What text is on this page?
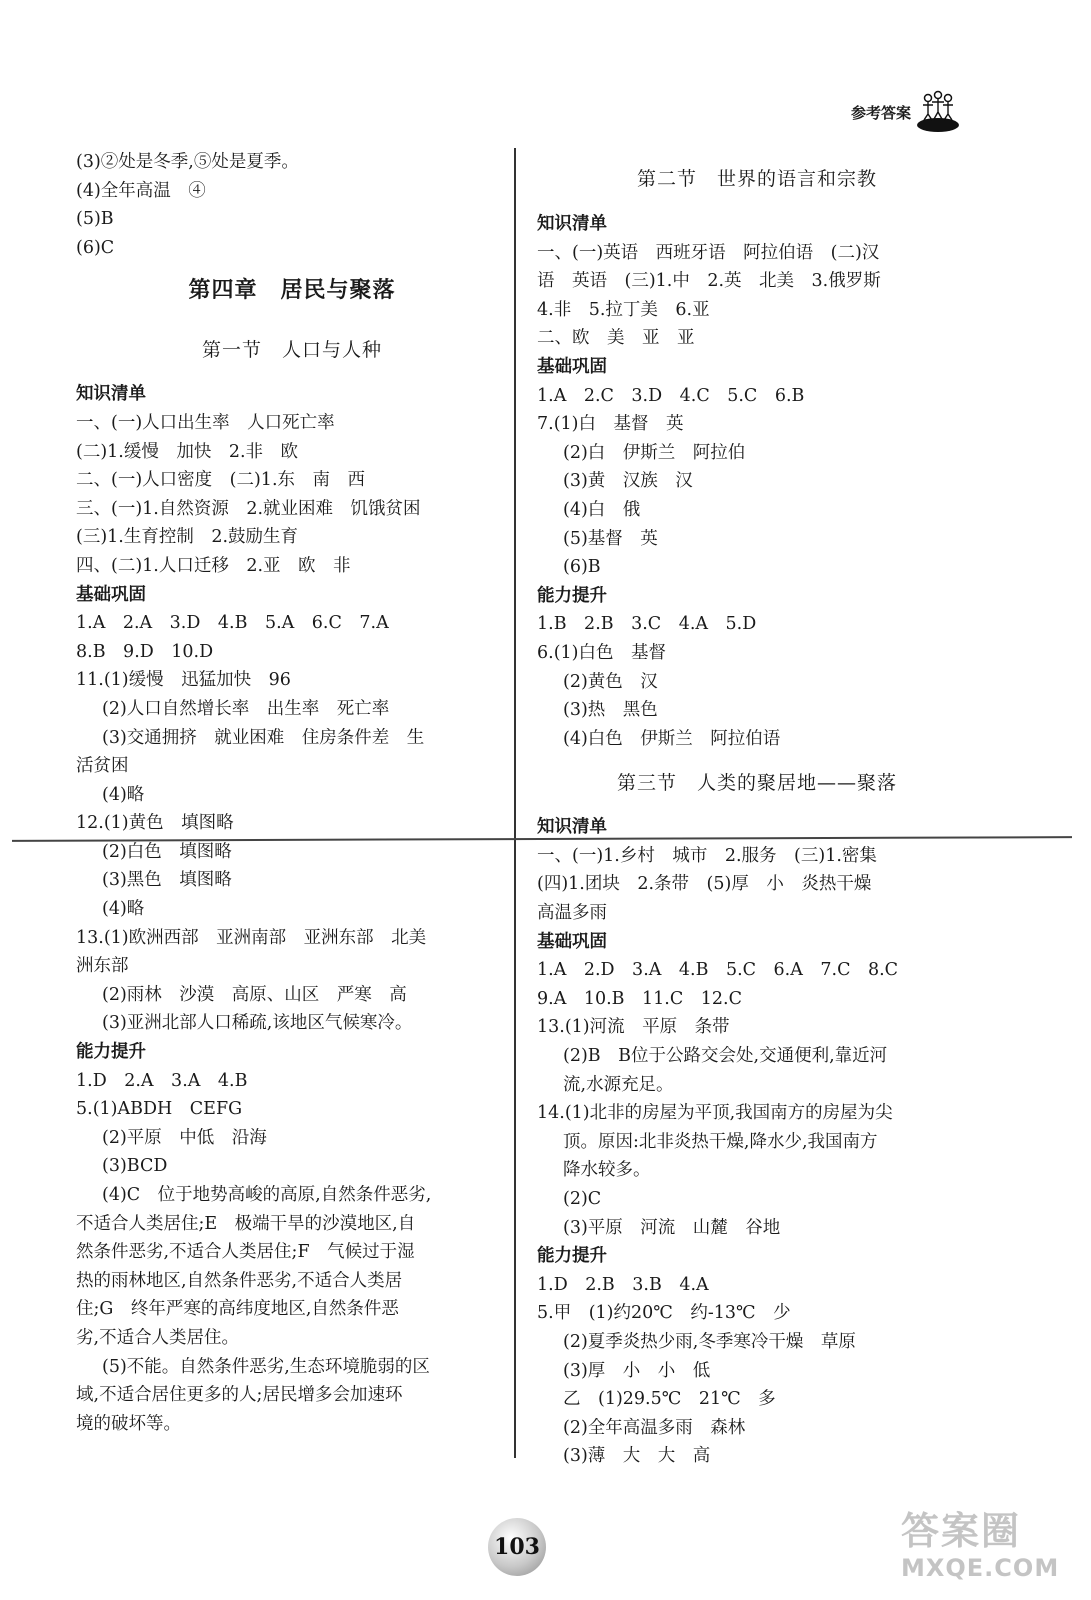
参考答案
(3)②处是冬季,⑤处是夏季。
(4)全年高温　④
(5)B
(6)C
第四章　居民与聚落
第一节　人口与人种
知识清单
一、(一)人口出生率　人口死亡率
(二)1.缓慢　加快　2.非　欧
二、(一)人口密度　(二)1.东　南　西
三、(一)1.自然资源　2.就业困难　饥饿贫困
(三)1.生育控制　2.鼓励生育
四、(二)1.人口迁移　2.亚　欧　非
基础巩固
1.A　2.A　3.D　4.B　5.A　6.C　7.A
8.B　9.D　10.D
11.(1)缓慢　迅猛加快　96
(2)人口自然增长率　出生率　死亡率
(3)交通拥挤　就业困难　住房条件差　生
活贫困
(4)略
12.(1)黄色　填图略
(2)白色　填图略
(3)黑色　填图略
(4)略
13.(1)欧洲西部　亚洲南部　亚洲东部　北美
洲东部
(2)雨林　沙漠　高原、山区　严寒　高
(3)亚洲北部人口稀疏,该地区气候寒冷。
能力提升
1.D　2.A　3.A　4.B
5.(1)ABDH　CEFG
(2)平原　中低　沿海
(3)BCD
(4)C　位于地势高峻的高原,自然条件恶劣,
不适合人类居住;E　极端干旱的沙漠地区,自
然条件恶劣,不适合人类居住;F　气候过于湿
热的雨林地区,自然条件恶劣,不适合人类居
住;G　终年严寒的高纬度地区,自然条件恶
劣,不适合人类居住。
(5)不能。自然条件恶劣,生态环境脆弱的区
域,不适合居住更多的人;居民增多会加速环
境的破坏等。
第二节　世界的语言和宗教
知识清单
一、(一)英语　西班牙语　阿拉伯语　(二)汉
语　英语　(三)1.中　2.英　北美　3.俄罗斯
4.非　5.拉丁美　6.亚
二、欧　美　亚　亚
基础巩固
1.A　2.C　3.D　4.C　5.C　6.B
7.(1)白　基督　英
(2)白　伊斯兰　阿拉伯
(3)黄　汉族　汉
(4)白　俄
(5)基督　英
(6)B
能力提升
1.B　2.B　3.C　4.A　5.D
6.(1)白色　基督
(2)黄色　汉
(3)热　黑色
(4)白色　伊斯兰　阿拉伯语
第三节　人类的聚居地——聚落
知识清单
一、(一)1.乡村　城市　2.服务　(三)1.密集
(四)1.团块　2.条带　(5)厚　小　炎热干燥
高温多雨
基础巩固
1.A　2.D　3.A　4.B　5.C　6.A　7.C　8.C
9.A　10.B　11.C　12.C
13.(1)河流　平原　条带
(2)B　B位于公路交会处,交通便利,靠近河
流,水源充足。
14.(1)北非的房屋为平顶,我国南方的房屋为尖
顶。原因:北非炎热干燥,降水少,我国南方
降水较多。
(2)C
(3)平原　河流　山麓　谷地
能力提升
1.D　2.B　3.B　4.A
5.甲　(1)约20℃　约-13℃　少
(2)夏季炎热少雨,冬季寒冷干燥　草原
(3)厚　小　小　低
乙　(1)29.5℃　21℃　多
(2)全年高温多雨　森林
(3)薄　大　大　高
103	答案圈
MXQE.COM
